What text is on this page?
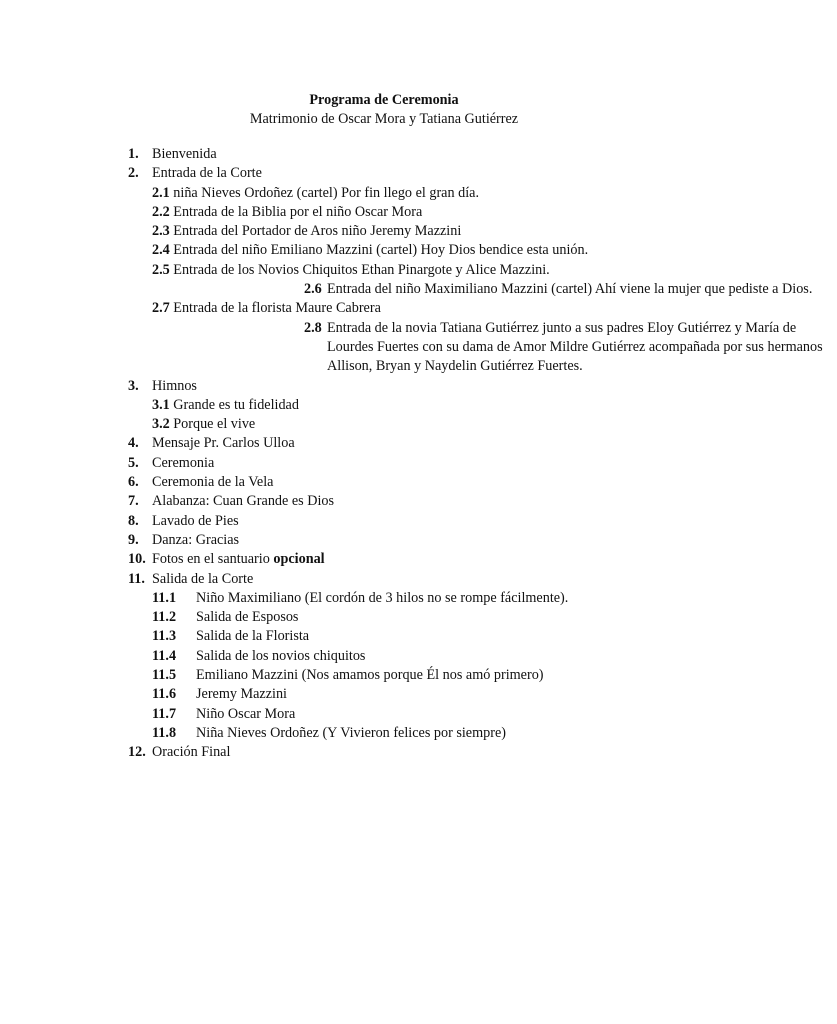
Programa de Ceremonia
Matrimonio de Oscar Mora y Tatiana Gutiérrez
1. Bienvenida
2. Entrada de la Corte
2.1 niña Nieves Ordoñez (cartel) Por fin llego el gran día.
2.2 Entrada de la Biblia por el niño Oscar Mora
2.3 Entrada del Portador de Aros niño Jeremy Mazzini
2.4 Entrada del niño Emiliano Mazzini (cartel) Hoy Dios bendice esta unión.
2.5 Entrada de los Novios Chiquitos Ethan Pinargote y Alice Mazzini.
2.6 Entrada del niño Maximiliano Mazzini (cartel) Ahí viene la mujer que pediste a Dios.
2.7 Entrada de la florista Maure Cabrera
2.8 Entrada de la novia Tatiana Gutiérrez junto a sus padres Eloy Gutiérrez y María de Lourdes Fuertes con su dama de Amor Mildre Gutiérrez acompañada por sus hermanos Allison, Bryan y Naydelin Gutiérrez Fuertes.
3. Himnos
3.1 Grande es tu fidelidad
3.2 Porque el vive
4. Mensaje Pr. Carlos Ulloa
5. Ceremonia
6. Ceremonia de la Vela
7. Alabanza: Cuan Grande es Dios
8. Lavado de Pies
9. Danza: Gracias
10. Fotos en el santuario opcional
11. Salida de la Corte
11.1 Niño Maximiliano (El cordón de 3 hilos no se rompe fácilmente).
11.2 Salida de Esposos
11.3 Salida de la Florista
11.4 Salida de los novios chiquitos
11.5 Emiliano Mazzini (Nos amamos porque Él nos amó primero)
11.6 Jeremy Mazzini
11.7 Niño Oscar Mora
11.8 Niña Nieves Ordoñez (Y Vivieron felices por siempre)
12. Oración Final
